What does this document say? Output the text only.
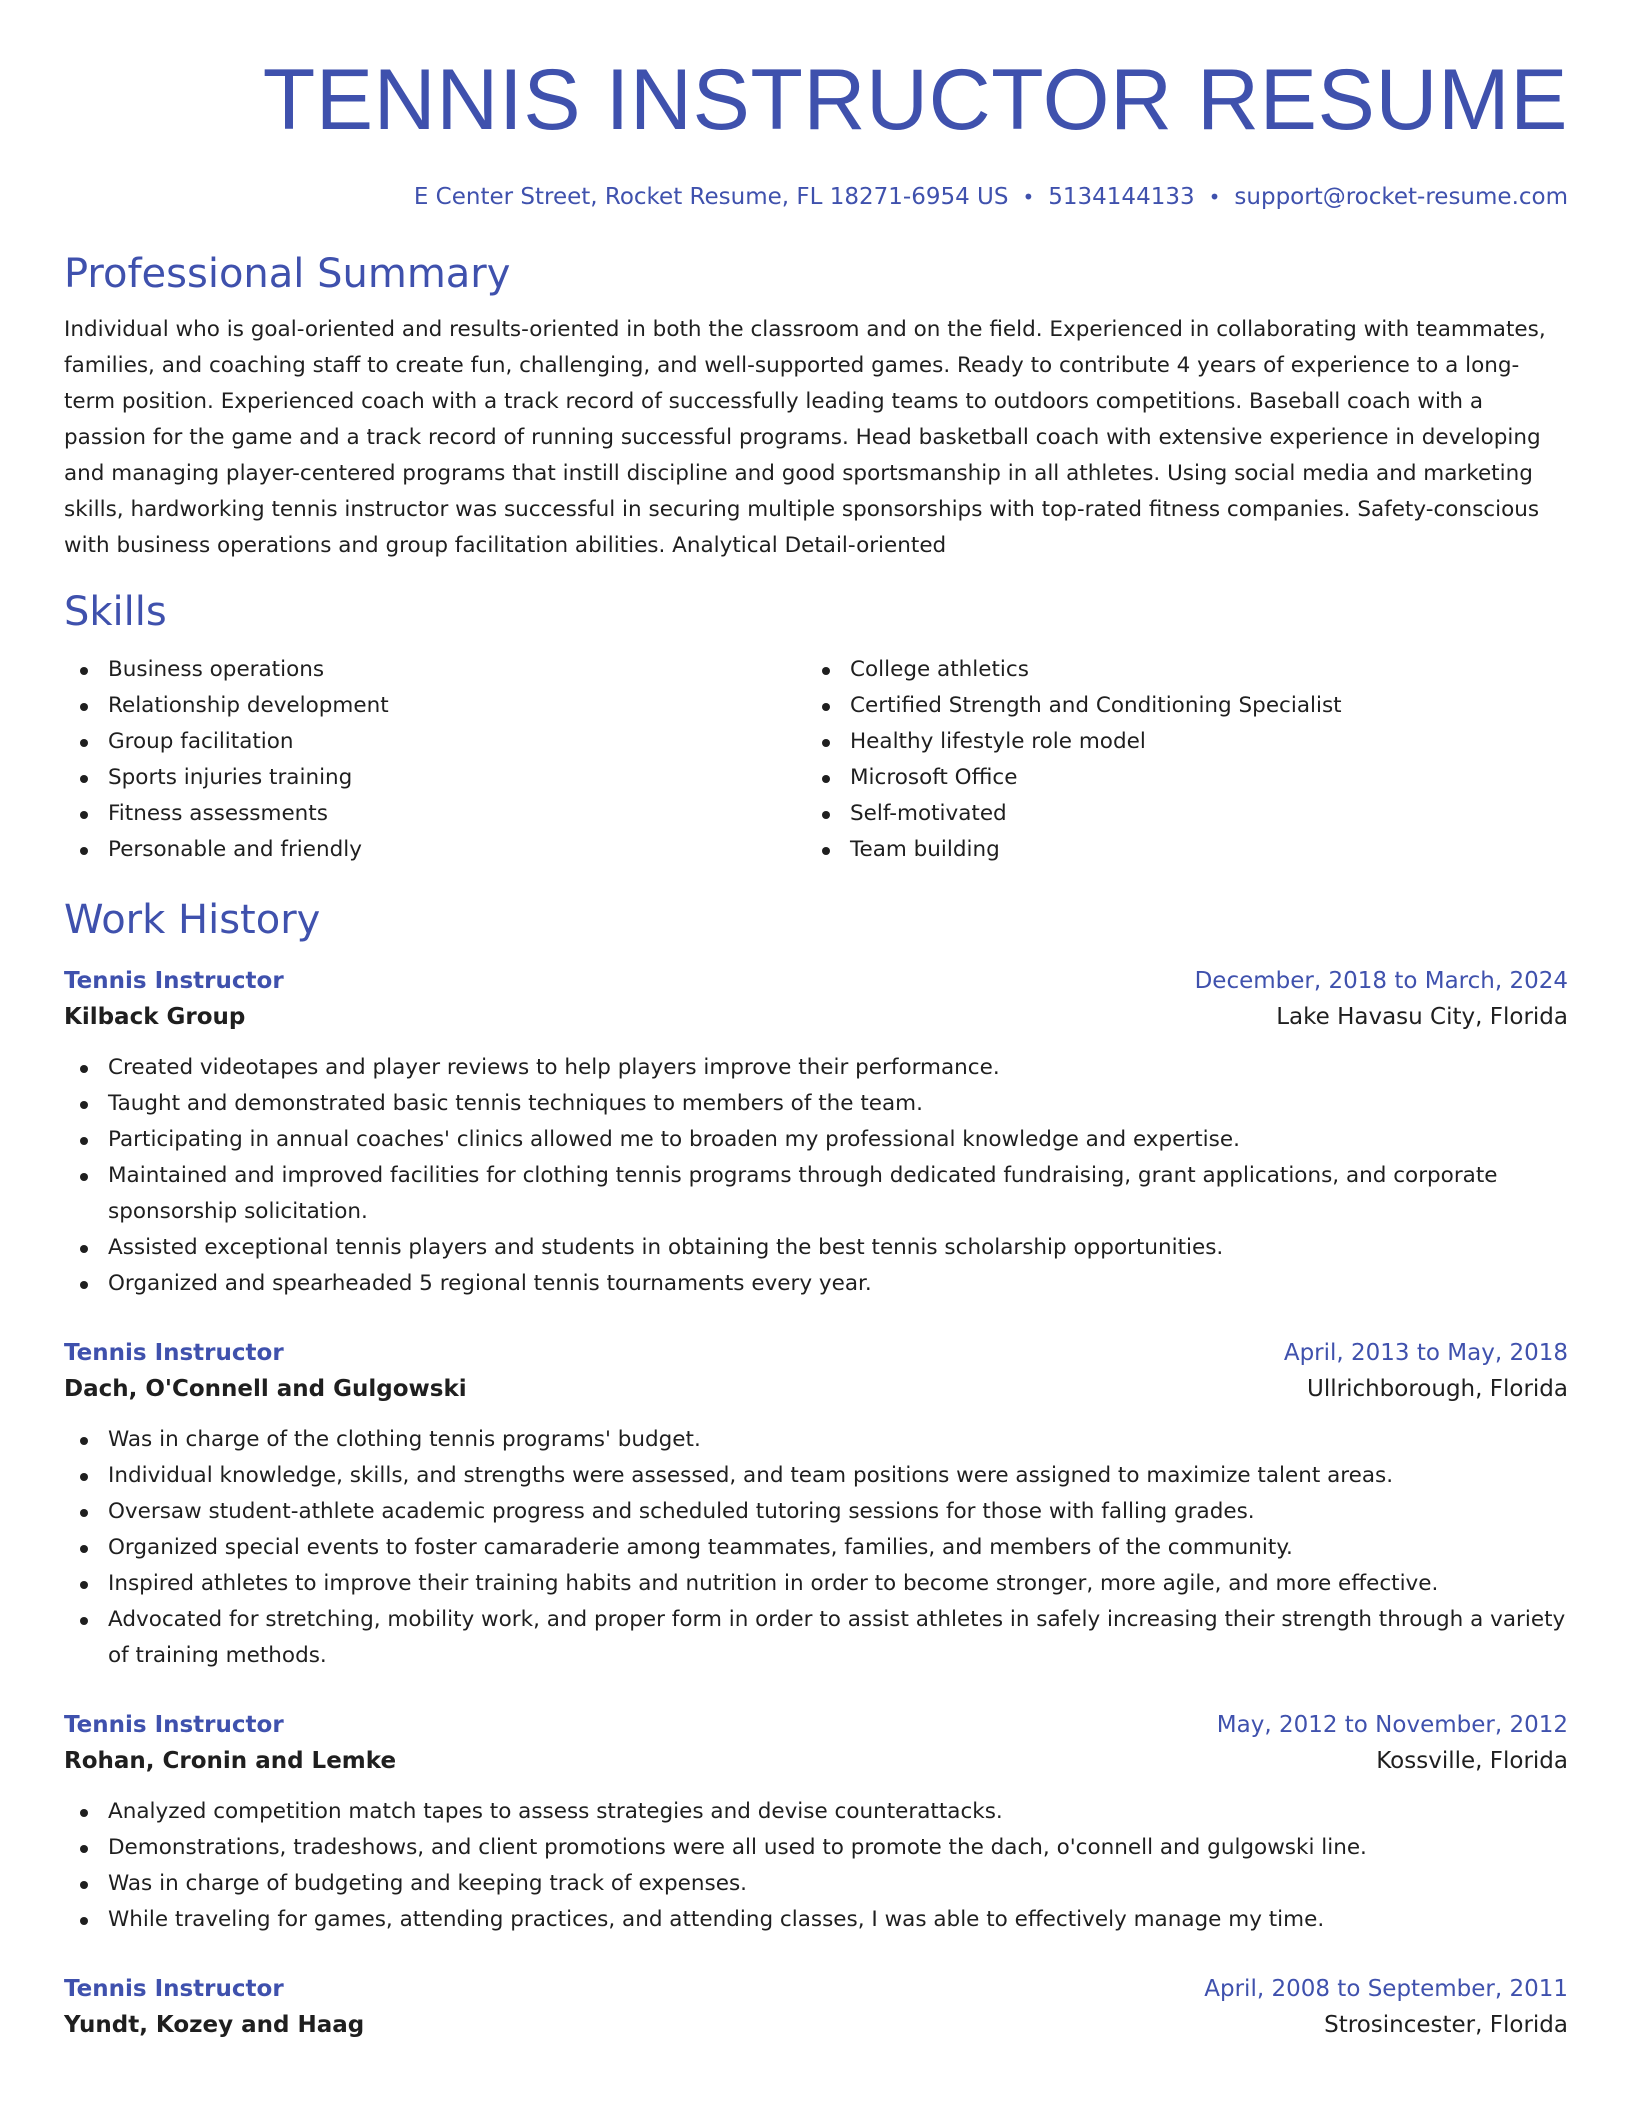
TENNIS INSTRUCTOR RESUME
E Center Street, Rocket Resume, FL 18271-6954 US • 5134144133 • support@rocket-resume.com
Professional Summary
Individual who is goal-oriented and results-oriented in both the classroom and on the field. Experienced in collaborating with teammates, families, and coaching staff to create fun, challenging, and well-supported games. Ready to contribute 4 years of experience to a long-term position. Experienced coach with a track record of successfully leading teams to outdoors competitions. Baseball coach with a passion for the game and a track record of running successful programs. Head basketball coach with extensive experience in developing and managing player-centered programs that instill discipline and good sportsmanship in all athletes. Using social media and marketing skills, hardworking tennis instructor was successful in securing multiple sponsorships with top-rated fitness companies. Safety-conscious with business operations and group facilitation abilities. Analytical Detail-oriented
Skills
Business operations
Relationship development
Group facilitation
Sports injuries training
Fitness assessments
Personable and friendly
College athletics
Certified Strength and Conditioning Specialist
Healthy lifestyle role model
Microsoft Office
Self-motivated
Team building
Work History
Tennis Instructor	December, 2018 to March, 2024
Kilback Group	Lake Havasu City, Florida
Created videotapes and player reviews to help players improve their performance.
Taught and demonstrated basic tennis techniques to members of the team.
Participating in annual coaches' clinics allowed me to broaden my professional knowledge and expertise.
Maintained and improved facilities for clothing tennis programs through dedicated fundraising, grant applications, and corporate sponsorship solicitation.
Assisted exceptional tennis players and students in obtaining the best tennis scholarship opportunities.
Organized and spearheaded 5 regional tennis tournaments every year.
Tennis Instructor	April, 2013 to May, 2018
Dach, O'Connell and Gulgowski	Ullrichborough, Florida
Was in charge of the clothing tennis programs' budget.
Individual knowledge, skills, and strengths were assessed, and team positions were assigned to maximize talent areas.
Oversaw student-athlete academic progress and scheduled tutoring sessions for those with falling grades.
Organized special events to foster camaraderie among teammates, families, and members of the community.
Inspired athletes to improve their training habits and nutrition in order to become stronger, more agile, and more effective.
Advocated for stretching, mobility work, and proper form in order to assist athletes in safely increasing their strength through a variety of training methods.
Tennis Instructor	May, 2012 to November, 2012
Rohan, Cronin and Lemke	Kossville, Florida
Analyzed competition match tapes to assess strategies and devise counterattacks.
Demonstrations, tradeshows, and client promotions were all used to promote the dach, o'connell and gulgowski line.
Was in charge of budgeting and keeping track of expenses.
While traveling for games, attending practices, and attending classes, I was able to effectively manage my time.
Tennis Instructor	April, 2008 to September, 2011
Yundt, Kozey and Haag	Strosincester, Florida
